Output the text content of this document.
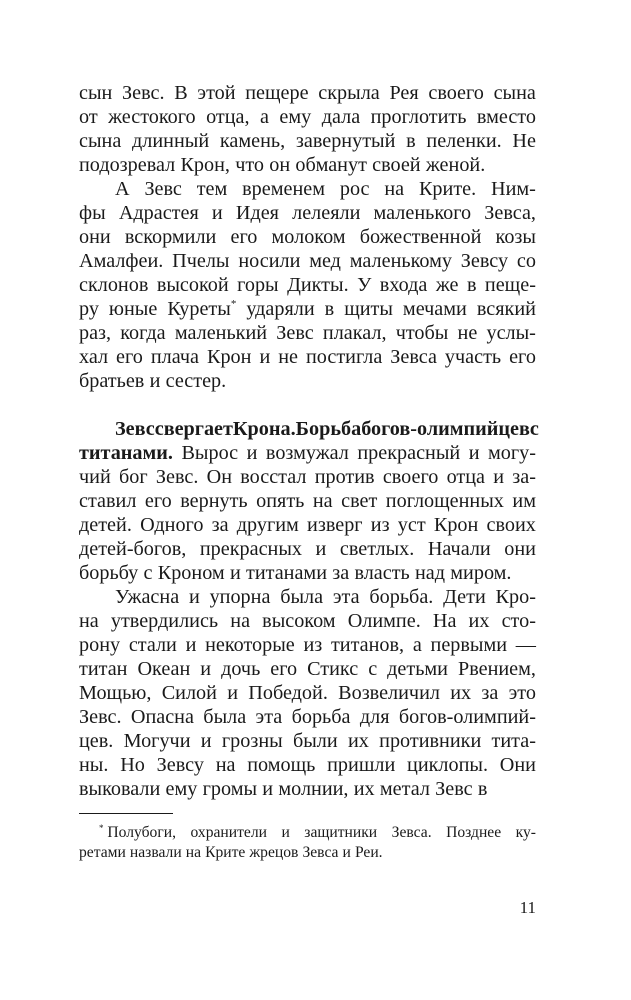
сын Зевс. В этой пещере скрыла Рея своего сына
от жестокого отца, а ему дала проглотить вместо
сына длинный камень, завернутый в пеленки. Не
подозревал Крон, что он обманут своей женой.
А Зевс тем временем рос на Крите. Ним-
фы Адрастея и Идея лелеяли маленького Зевса,
они вскормили его молоком божественной козы
Амалфеи. Пчелы носили мед маленькому Зевсу со
склонов высокой горы Дикты. У входа же в пеще-
ру юные Куреты* ударяли в щиты мечами всякий
раз, когда маленький Зевс плакал, чтобы не услы-
хал его плача Крон и не постигла Зевса участь его
братьев и сестер.
Зевс свергает Крона. Борьба богов-олимпийцев с
титанами. Вырос и возмужал прекрасный и могу-
чий бог Зевс. Он восстал против своего отца и за-
ставил его вернуть опять на свет поглощенных им
детей. Одного за другим изверг из уст Крон своих
детей-богов, прекрасных и светлых. Начали они
борьбу с Кроном и титанами за власть над миром.
Ужасна и упорна была эта борьба. Дети Кро-
на утвердились на высоком Олимпе. На их сто-
рону стали и некоторые из титанов, а первыми —
титан Океан и дочь его Стикс с детьми Рвением,
Мощью, Силой и Победой. Возвеличил их за это
Зевс. Опасна была эта борьба для богов-олимпий-
цев. Могучи и грозны были их противники тита-
ны. Но Зевсу на помощь пришли циклопы. Они
выковали ему громы и молнии, их метал Зевс в
* Полубоги, охранители и защитники Зевса. Позднее ку-
ретами назвали на Крите жрецов Зевса и Реи.
11
